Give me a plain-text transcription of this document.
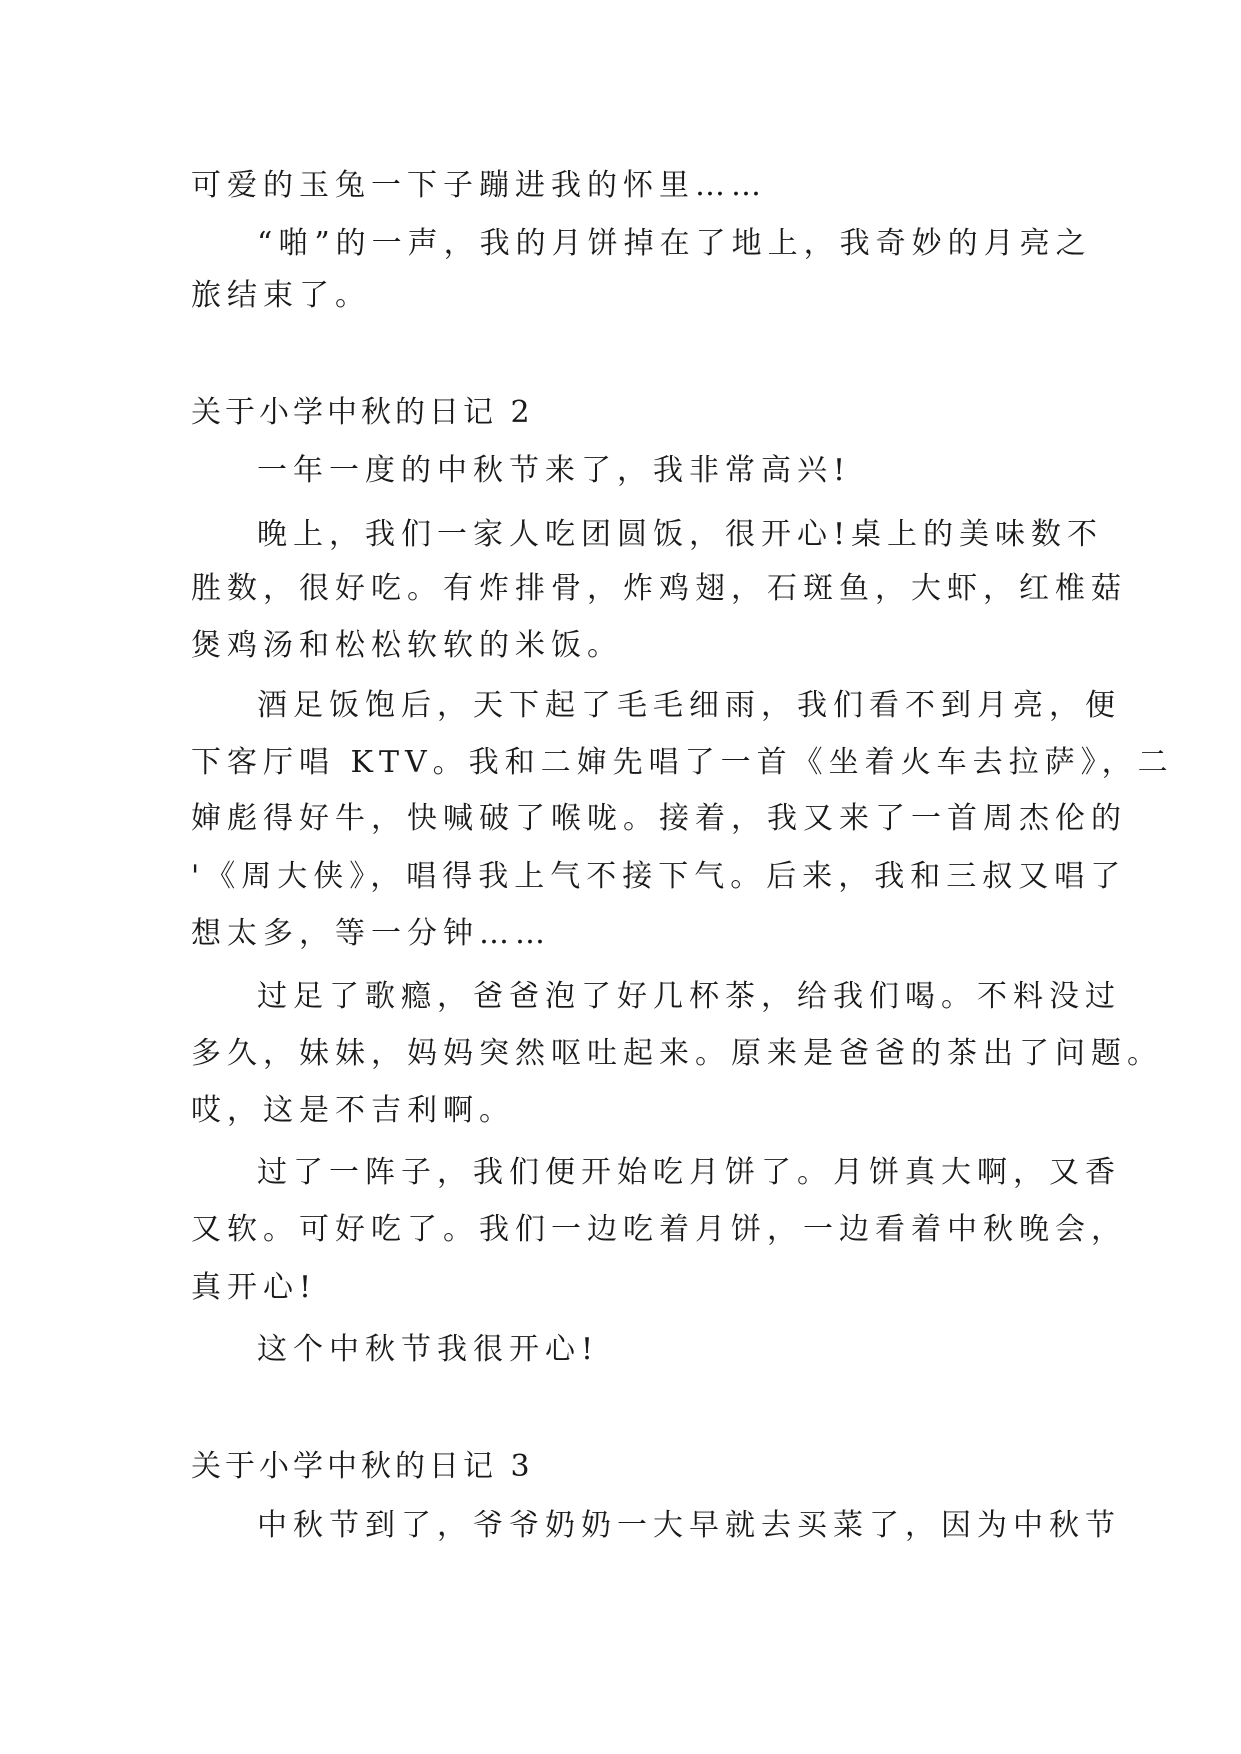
可爱的玉兔一下子蹦进我的怀里……
“啪”的一声，我的月饼掉在了地上，我奇妙的月亮之
旅结束了。
关于小学中秋的日记 2
一年一度的中秋节来了，我非常高兴!
晚上，我们一家人吃团圆饭，很开心!桌上的美味数不
胜数，很好吃。有炸排骨，炸鸡翅，石斑鱼，大虾，红椎菇
煲鸡汤和松松软软的米饭。
酒足饭饱后，天下起了毛毛细雨，我们看不到月亮，便
下客厅唱 KTV。我和二婶先唱了一首《坐着火车去拉萨》，二
婶彪得好牛，快喊破了喉咙。接着，我又来了一首周杰伦的
'《周大侠》，唱得我上气不接下气。后来，我和三叔又唱了
想太多，等一分钟……
过足了歌瘾，爸爸泡了好几杯茶，给我们喝。不料没过
多久，妹妹，妈妈突然呕吐起来。原来是爸爸的茶出了问题。
哎，这是不吉利啊。
过了一阵子，我们便开始吃月饼了。月饼真大啊，又香
又软。可好吃了。我们一边吃着月饼，一边看着中秋晚会，
真开心!
这个中秋节我很开心!
关于小学中秋的日记 3
中秋节到了，爷爷奶奶一大早就去买菜了，因为中秋节
